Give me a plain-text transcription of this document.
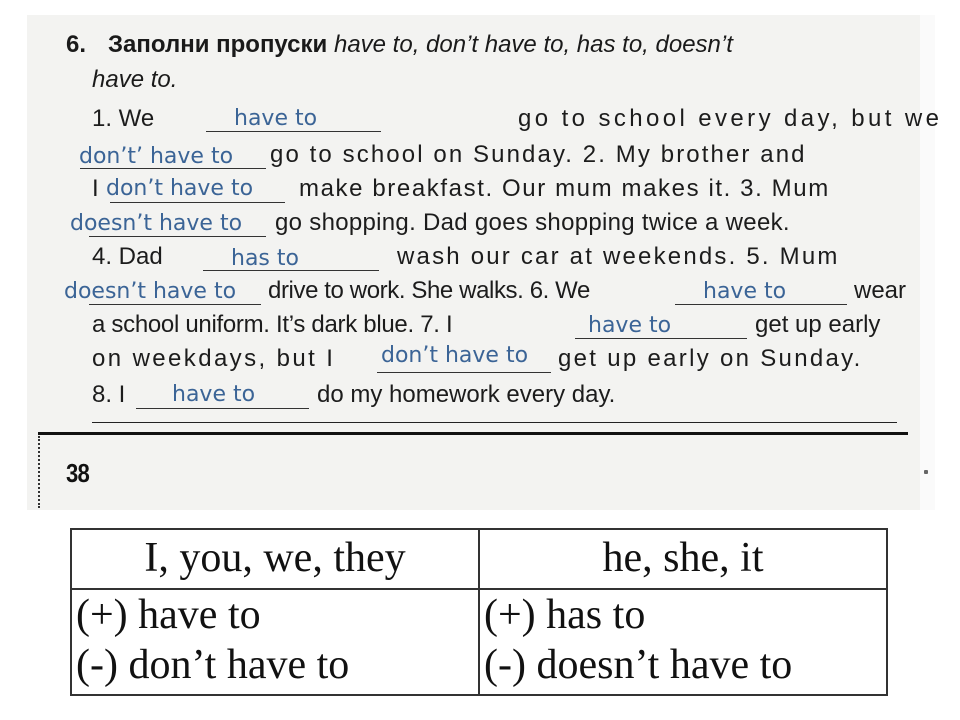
6. Заполни пропуски have to, don’t have to, has to, doesn’t
have to.
1. We	go to school every day, but we
have to
go to school on Sunday. 2. My brother and
don’t’ have to
I	make breakfast. Our mum makes it. 3. Mum
don’t have to
go shopping. Dad goes shopping twice a week.
doesn’t have to
4. Dad	wash our car at weekends. 5. Mum
has to
drive to work. She walks. 6. We	wear
doesn’t have to	have to
a school uniform. It’s dark blue. 7. I	get up early
have to
on weekdays, but I	get up early on Sunday.
don’t have to
8. I	do my homework every day.
have to
38
I, you, we, they	he, she, it

(+) have to
(-) don’t have to

(+) has to
(-) doesn’t have to
